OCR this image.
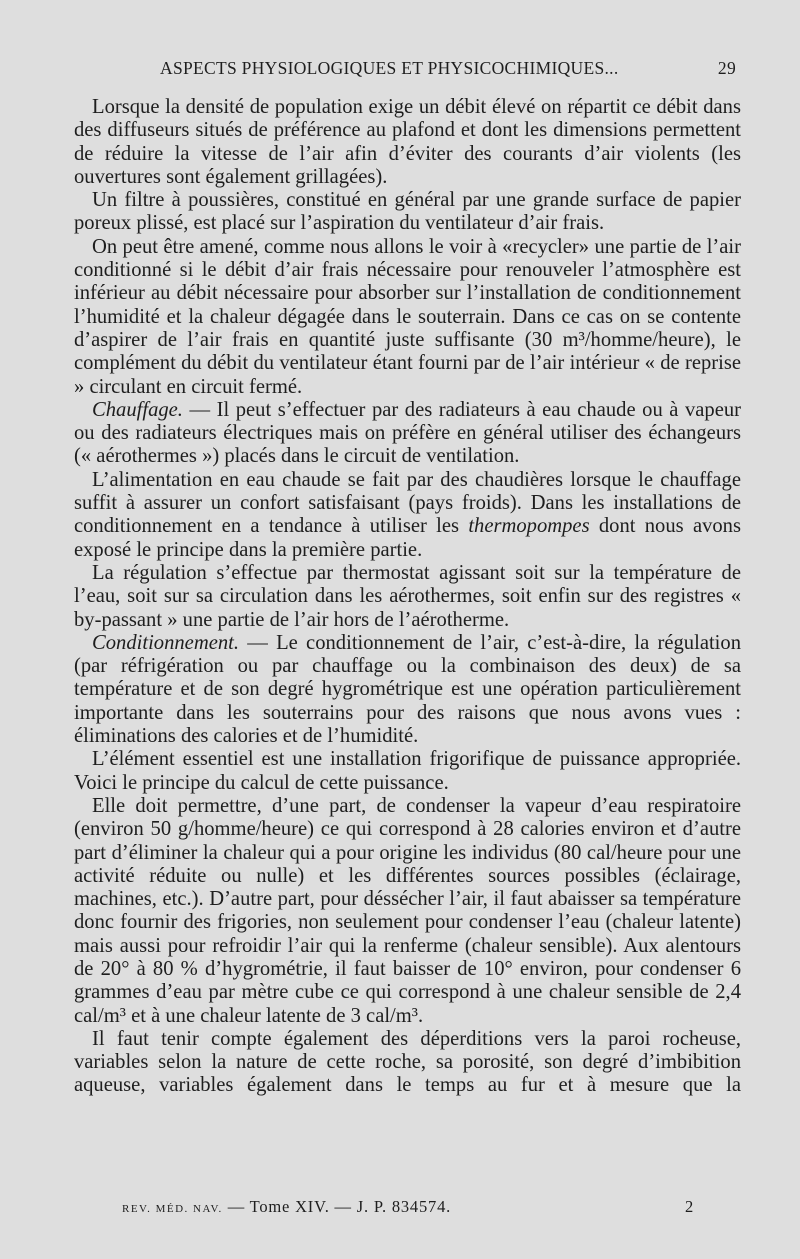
ASPECTS PHYSIOLOGIQUES ET PHYSICOCHIMIQUES...	29

Lorsque la densité de population exige un débit élevé on répartit ce débit dans des diffuseurs situés de préférence au plafond et dont les dimensions permettent de réduire la vitesse de l’air afin d’éviter des courants d’air violents (les ouvertures sont également grillagées).

Un filtre à poussières, constitué en général par une grande surface de papier poreux plissé, est placé sur l’aspiration du ventilateur d’air frais.

On peut être amené, comme nous allons le voir à «recycler» une partie de l’air conditionné si le débit d’air frais nécessaire pour renouveler l’atmosphère est inférieur au débit nécessaire pour absorber sur l’installation de conditionnement l’humidité et la chaleur dégagée dans le souterrain. Dans ce cas on se contente d’aspirer de l’air frais en quantité juste suffisante (30 m³/homme/heure), le complément du débit du ventilateur étant fourni par de l’air intérieur « de reprise » circulant en circuit fermé.

Chauffage. — Il peut s’effectuer par des radiateurs à eau chaude ou à vapeur ou des radiateurs électriques mais on préfère en général utiliser des échangeurs (« aérothermes ») placés dans le circuit de ventilation.

L’alimentation en eau chaude se fait par des chaudières lorsque le chauffage suffit à assurer un confort satisfaisant (pays froids). Dans les installations de conditionnement en a tendance à utiliser les thermopompes dont nous avons exposé le principe dans la première partie.

La régulation s’effectue par thermostat agissant soit sur la température de l’eau, soit sur sa circulation dans les aérothermes, soit enfin sur des registres « by-passant » une partie de l’air hors de l’aérotherme.

Conditionnement. — Le conditionnement de l’air, c’est-à-dire, la régulation (par réfrigération ou par chauffage ou la combinaison des deux) de sa température et de son degré hygrométrique est une opération particulièrement importante dans les souterrains pour des raisons que nous avons vues : éliminations des calories et de l’humidité.

L’élément essentiel est une installation frigorifique de puissance appropriée. Voici le principe du calcul de cette puissance.

Elle doit permettre, d’une part, de condenser la vapeur d’eau respiratoire (environ 50 g/homme/heure) ce qui correspond à 28 calories environ et d’autre part d’éliminer la chaleur qui a pour origine les individus (80 cal/heure pour une activité réduite ou nulle) et les différentes sources possibles (éclairage, machines, etc.). D’autre part, pour déssécher l’air, il faut abaisser sa température donc fournir des frigories, non seulement pour condenser l’eau (chaleur latente) mais aussi pour refroidir l’air qui la renferme (chaleur sensible). Aux alentours de 20° à 80 % d’hygrométrie, il faut baisser de 10° environ, pour condenser 6 grammes d’eau par mètre cube ce qui correspond à une chaleur sensible de 2,4 cal/m³ et à une chaleur latente de 3 cal/m³.

Il faut tenir compte également des déperditions vers la paroi rocheuse, variables selon la nature de cette roche, sa porosité, son degré d’imbibition aqueuse, variables également dans le temps au fur et à mesure que la

REV. MÉD. NAV. — Tome XIV. — J. P. 834574.	2
